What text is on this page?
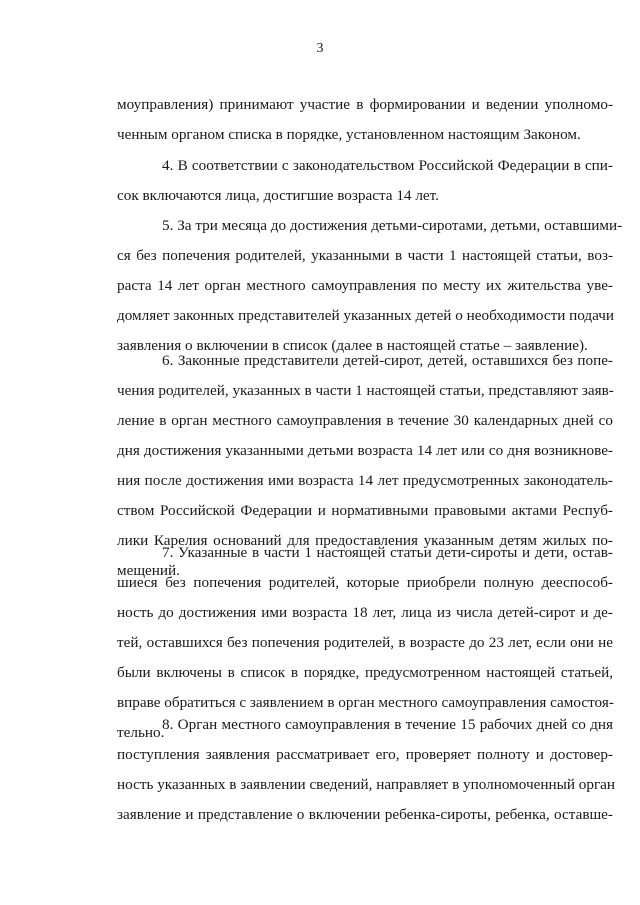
3
моуправления) принимают участие в формировании и ведении уполномо-
ченным органом списка в порядке, установленном настоящим Законом.
4. В соответствии с законодательством Российской Федерации в спи-
сок включаются лица, достигшие возраста 14 лет.
5. За три месяца до достижения детьми-сиротами, детьми, оставшими-
ся без попечения родителей, указанными в части 1 настоящей статьи, воз-
раста 14 лет орган местного самоуправления по месту их жительства уве-
домляет законных представителей указанных детей о необходимости подачи
заявления о включении в список (далее в настоящей статье – заявление).
6. Законные представители детей-сирот, детей, оставшихся без попе-
чения родителей, указанных в части 1 настоящей статьи, представляют заяв-
ление в орган местного самоуправления в течение 30 календарных дней со
дня достижения указанными детьми возраста 14 лет или со дня возникнове-
ния после достижения ими возраста 14 лет предусмотренных законодатель-
ством Российской Федерации и нормативными правовыми актами Респуб-
лики Карелия оснований для предоставления указанным детям жилых по-
мещений.
7. Указанные в части 1 настоящей статьи дети-сироты и дети, остав-
шиеся без попечения родителей, которые приобрели полную дееспособ-
ность до достижения ими возраста 18 лет, лица из числа детей-сирот и де-
тей, оставшихся без попечения родителей, в возрасте до 23 лет, если они не
были включены в список в порядке, предусмотренном настоящей статьей,
вправе обратиться с заявлением в орган местного самоуправления самостоя-
тельно.
8. Орган местного самоуправления в течение 15 рабочих дней со дня
поступления заявления рассматривает его, проверяет полноту и достовер-
ность указанных в заявлении сведений, направляет в уполномоченный орган
заявление и представление о включении ребенка-сироты, ребенка, оставше-
